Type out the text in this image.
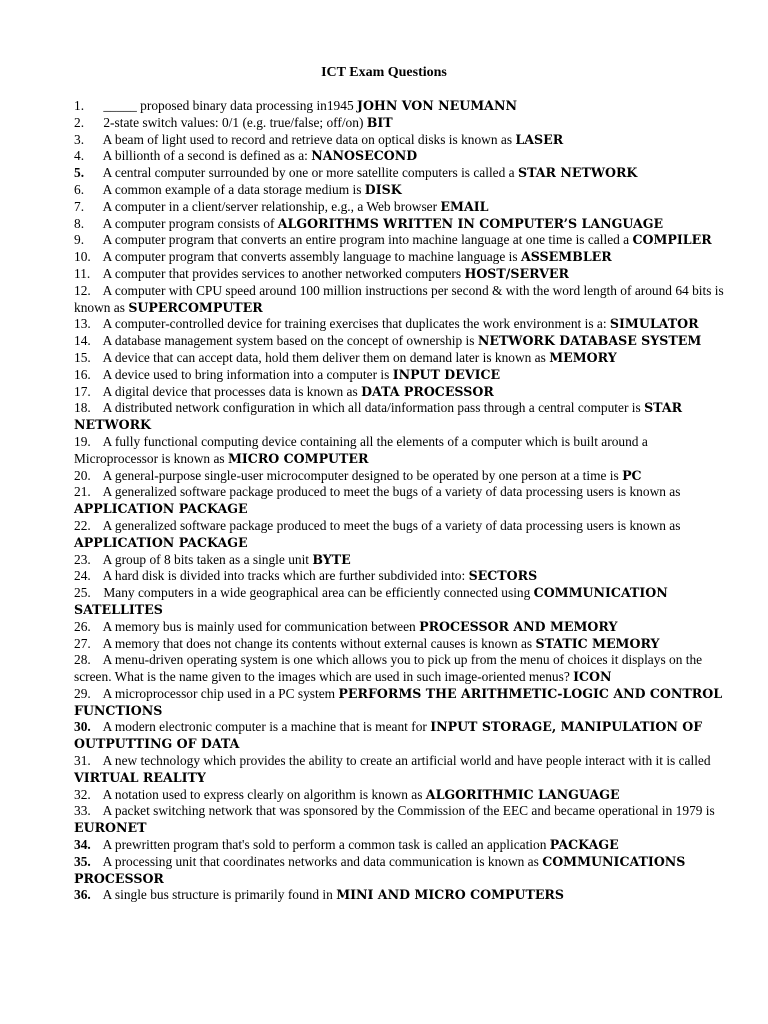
ICT Exam Questions
1. _____ proposed binary data processing in1945 JOHN VON NEUMANN
2. 2-state switch values: 0/1 (e.g. true/false; off/on) BIT
3. A beam of light used to record and retrieve data on optical disks is known as LASER
4. A billionth of a second is defined as a: NANOSECOND
5. A central computer surrounded by one or more satellite computers is called a STAR NETWORK
6. A common example of a data storage medium is DISK
7. A computer in a client/server relationship, e.g., a Web browser EMAIL
8. A computer program consists of ALGORITHMS WRITTEN IN COMPUTER’S LANGUAGE
9. A computer program that converts an entire program into machine language at one time is called a COMPILER
10. A computer program that converts assembly language to machine language is ASSEMBLER
11. A computer that provides services to another networked computers HOST/SERVER
12. A computer with CPU speed around 100 million instructions per second & with the word length of around 64 bits is known as SUPERCOMPUTER
13. A computer-controlled device for training exercises that duplicates the work environment is a: SIMULATOR
14. A database management system based on the concept of ownership is NETWORK DATABASE SYSTEM
15. A device that can accept data, hold them deliver them on demand later is known as MEMORY
16. A device used to bring information into a computer is INPUT DEVICE
17. A digital device that processes data is known as DATA PROCESSOR
18. A distributed network configuration in which all data/information pass through a central computer is STAR NETWORK
19. A fully functional computing device containing all the elements of a computer which is built around a Microprocessor is known as MICRO COMPUTER
20. A general-purpose single-user microcomputer designed to be operated by one person at a time is PC
21. A generalized software package produced to meet the bugs of a variety of data processing users is known as APPLICATION PACKAGE
22. A generalized software package produced to meet the bugs of a variety of data processing users is known as APPLICATION PACKAGE
23. A group of 8 bits taken as a single unit BYTE
24. A hard disk is divided into tracks which are further subdivided into: SECTORS
25. Many computers in a wide geographical area can be efficiently connected using COMMUNICATION SATELLITES
26. A memory bus is mainly used for communication between PROCESSOR AND MEMORY
27. A memory that does not change its contents without external causes is known as STATIC MEMORY
28. A menu-driven operating system is one which allows you to pick up from the menu of choices it displays on the screen. What is the name given to the images which are used in such image-oriented menus? ICON
29. A microprocessor chip used in a PC system PERFORMS THE ARITHMETIC-LOGIC AND CONTROL FUNCTIONS
30. A modern electronic computer is a machine that is meant for INPUT STORAGE, MANIPULATION OF OUTPUTTING OF DATA
31. A new technology which provides the ability to create an artificial world and have people interact with it is called VIRTUAL REALITY
32. A notation used to express clearly on algorithm is known as ALGORITHMIC LANGUAGE
33. A packet switching network that was sponsored by the Commission of the EEC and became operational in 1979 is EURONET
34. A prewritten program that's sold to perform a common task is called an application PACKAGE
35. A processing unit that coordinates networks and data communication is known as COMMUNICATIONS PROCESSOR
36. A single bus structure is primarily found in MINI AND MICRO COMPUTERS
